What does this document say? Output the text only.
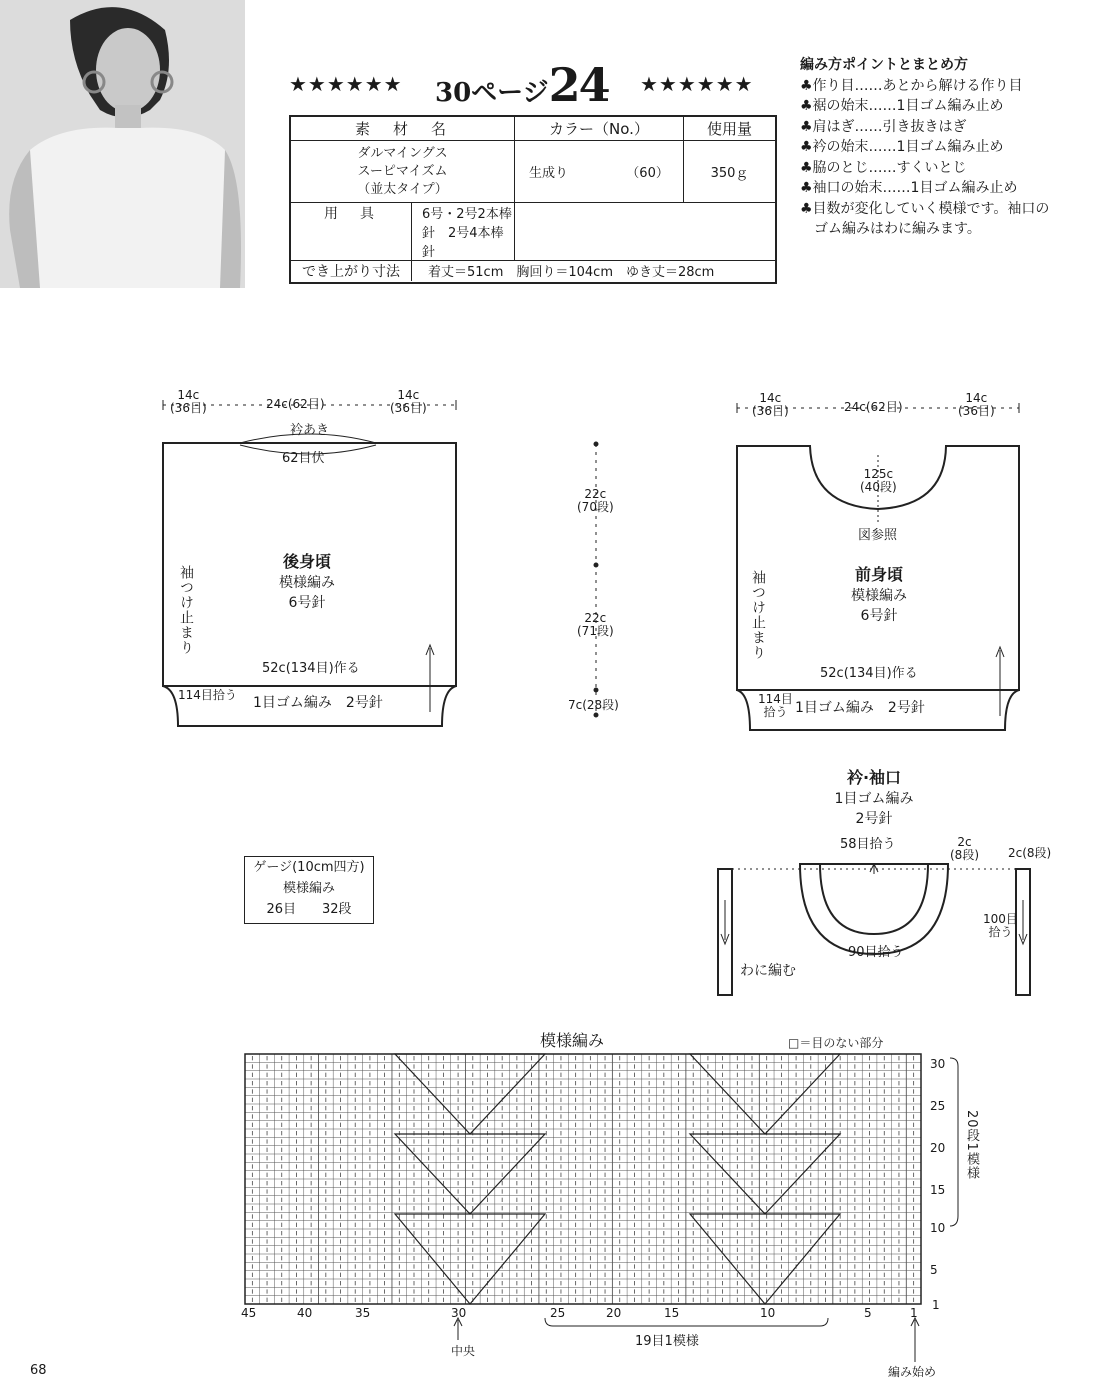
★★★★★★ 30ページ24 ★★★★★★
素　材　名	カラー（No.）	使用量

ダルマイングス
スーピマイズム
（並太タイプ）	生成り （60）	350ｇ

用　具 6号・2号2本棒針　2号4本棒針		

でき上がり寸法 着丈＝51cm　胸回り＝104cm　ゆき丈＝28cm		
編み方ポイントとまとめ方
♣作り目……あとから解ける作り目
♣裾の始末……1目ゴム編み止め
♣肩はぎ……引き抜きはぎ
♣衿の始末……1目ゴム編み止め
♣脇のとじ……すくいとじ
♣袖口の始末……1目ゴム編み止め
♣目数が変化していく模様です。袖口の
　ゴム編みはわに編みます。
14c
(36目)	24c(62目)
14c
(36目)
衿あき
62目伏
後身頃
模様編み
6号針
袖つけ止まり
52c(134目)作る
114目拾う 1目ゴム編み　2号針
22c
(70段)
22c
(71段)
7c(28段)
14c
(36目)	24c(62目)
14c
(36目)
125c
(40段)
図参照
前身頃
模様編み
6号針
袖つけ止まり
52c(134目)作る
114目
拾う 1目ゴム編み　2号針
衿·袖口
1目ゴム編み
2号針
58目拾う	2c
(8段) 2c(8段)
90目拾う
100目
拾う
わに編む
ゲージ(10cm四方)
模様編み
26目　　32段
模様編み	□＝目のない部分
30
25
20
15
10
5
1
20段1模様
45	40	35	30	25	20	15	10	5	1
中央
19目1模様
編み始め
68
